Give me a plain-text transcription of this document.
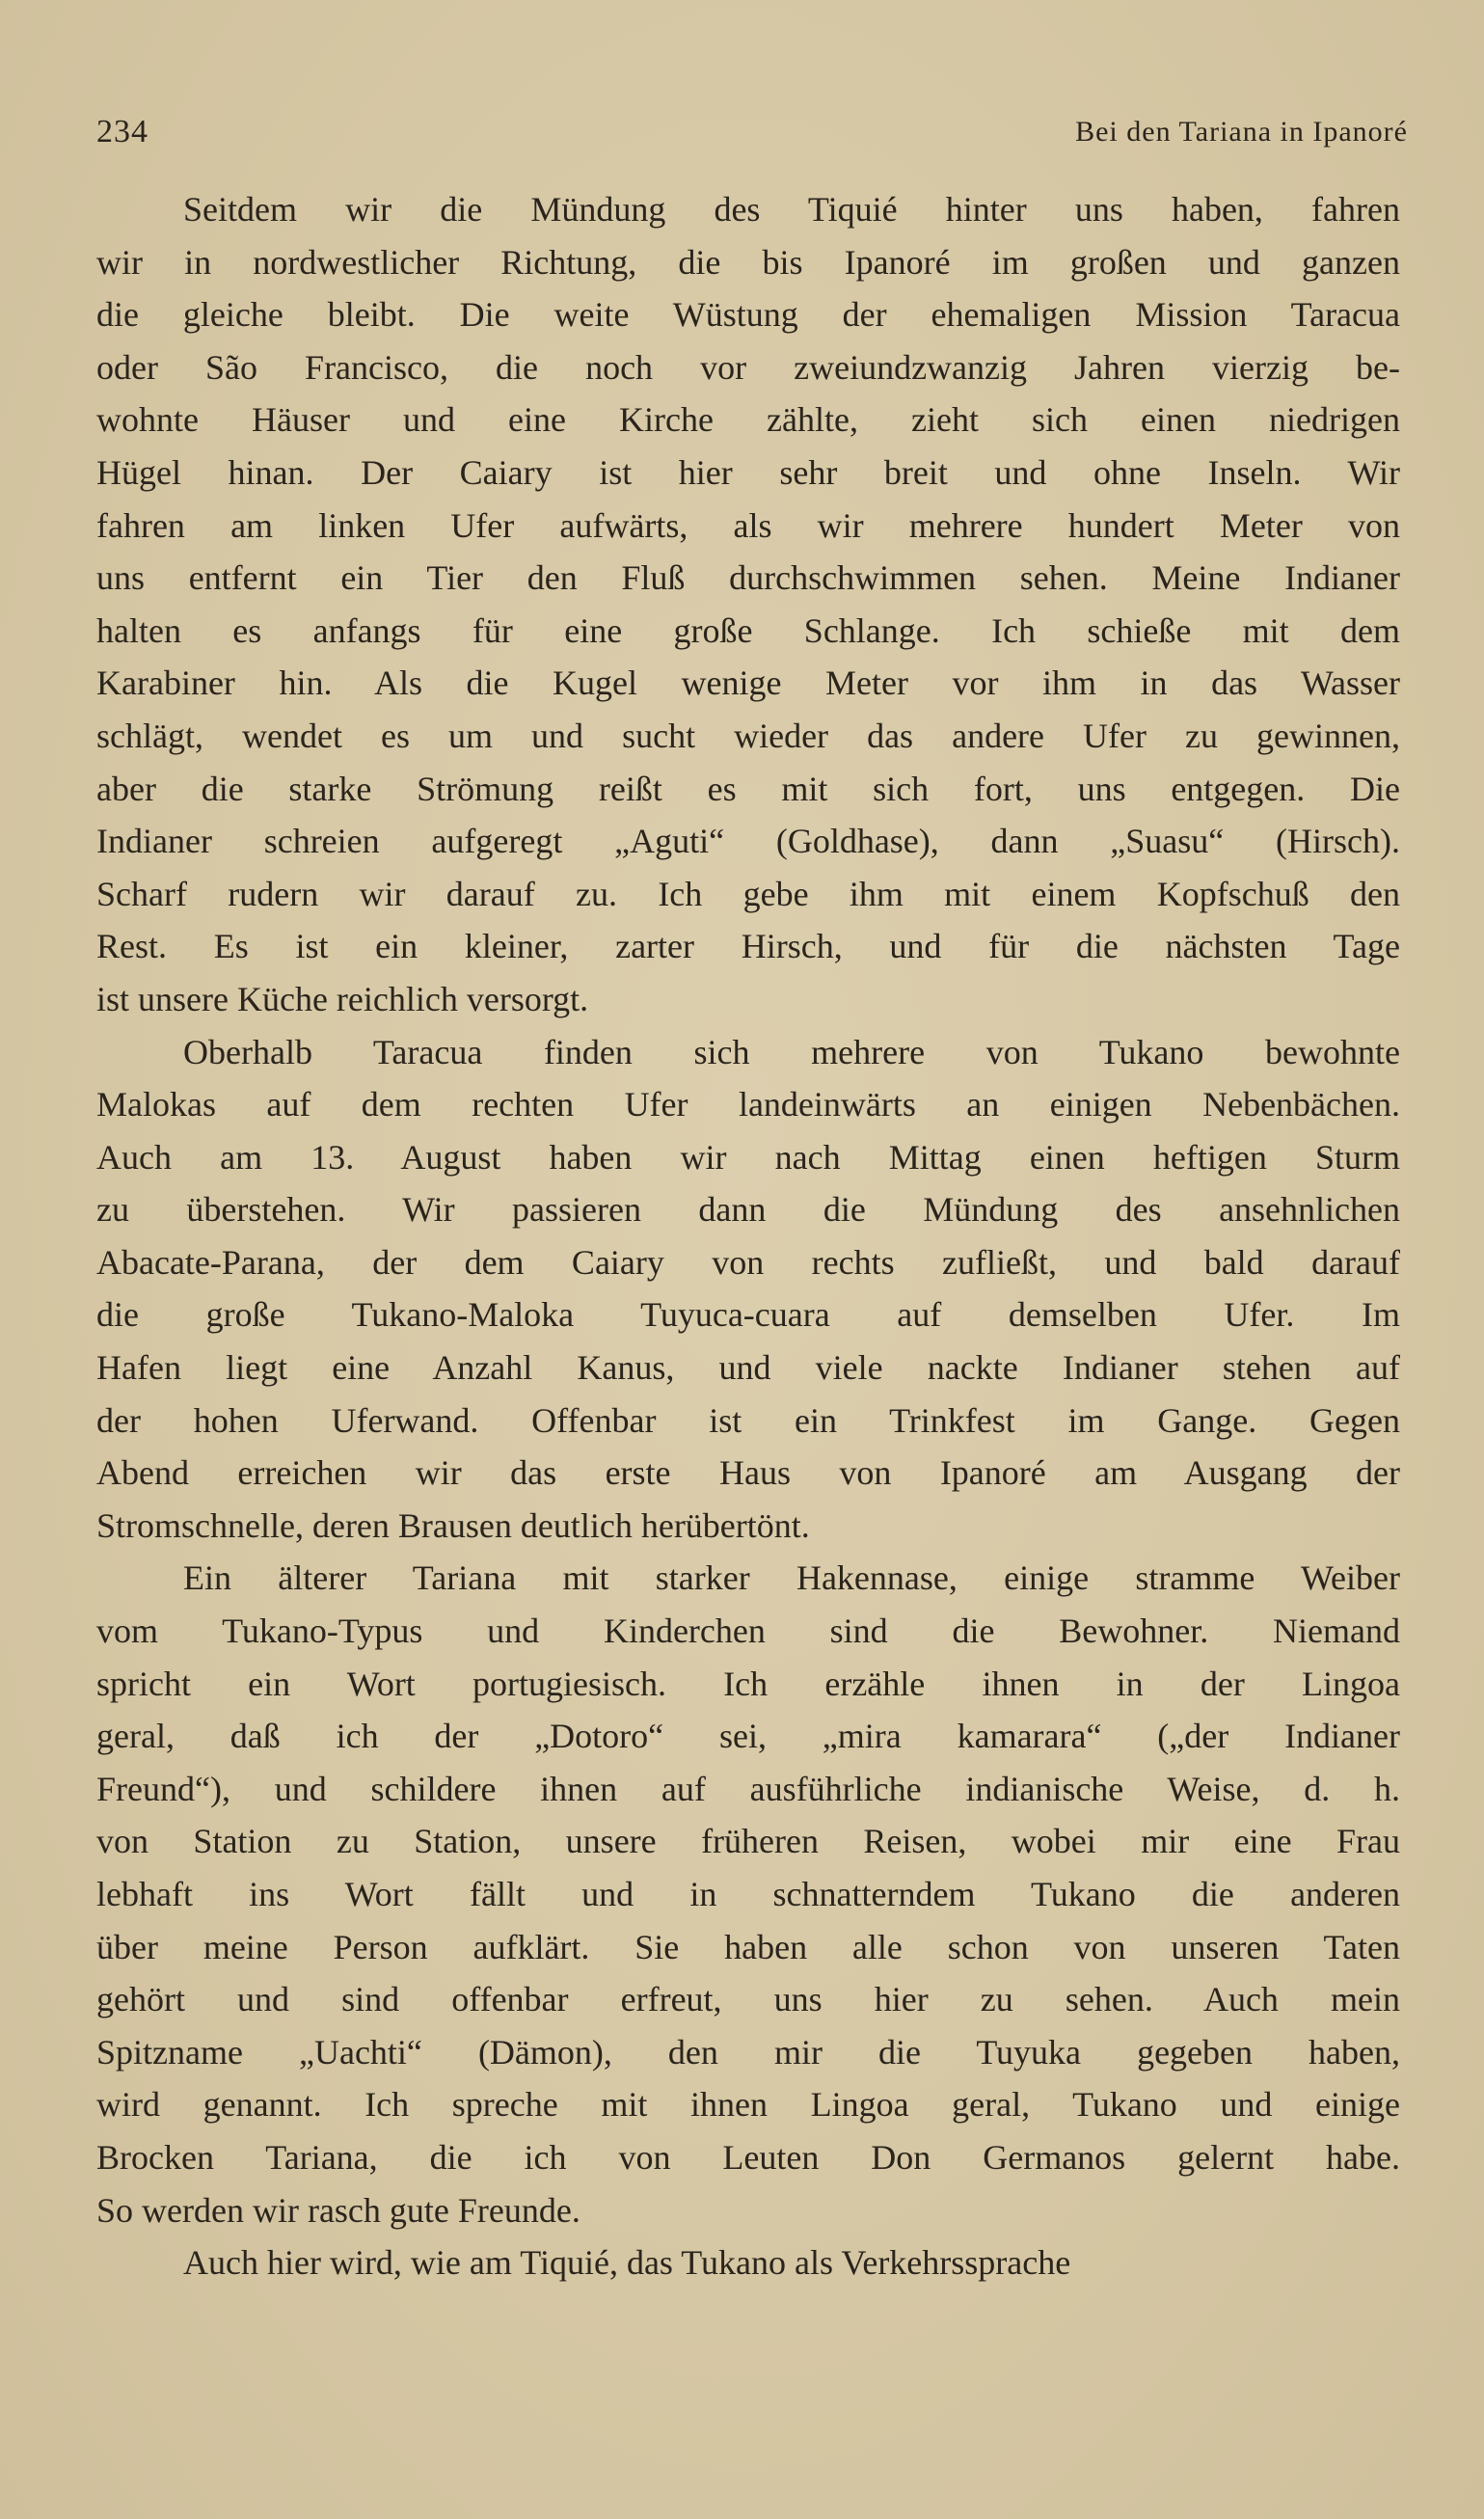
234	Bei den Tariana in Ipanoré
Seitdem wir die Mündung des Tiquié hinter uns haben, fahren
wir in nordwestlicher Richtung, die bis Ipanoré im großen und ganzen
die gleiche bleibt. Die weite Wüstung der ehemaligen Mission Taracua
oder São Francisco, die noch vor zweiundzwanzig Jahren vierzig be-
wohnte Häuser und eine Kirche zählte, zieht sich einen niedrigen
Hügel hinan. Der Caiary ist hier sehr breit und ohne Inseln. Wir
fahren am linken Ufer aufwärts, als wir mehrere hundert Meter von
uns entfernt ein Tier den Fluß durchschwimmen sehen. Meine Indianer
halten es anfangs für eine große Schlange. Ich schieße mit dem
Karabiner hin. Als die Kugel wenige Meter vor ihm in das Wasser
schlägt, wendet es um und sucht wieder das andere Ufer zu gewinnen,
aber die starke Strömung reißt es mit sich fort, uns entgegen. Die
Indianer schreien aufgeregt „Aguti“ (Goldhase), dann „Suasu“ (Hirsch).
Scharf rudern wir darauf zu. Ich gebe ihm mit einem Kopfschuß den
Rest. Es ist ein kleiner, zarter Hirsch, und für die nächsten Tage
ist unsere Küche reichlich versorgt.
Oberhalb Taracua finden sich mehrere von Tukano bewohnte
Malokas auf dem rechten Ufer landeinwärts an einigen Nebenbächen.
Auch am 13. August haben wir nach Mittag einen heftigen Sturm
zu überstehen. Wir passieren dann die Mündung des ansehnlichen
Abacate-Parana, der dem Caiary von rechts zufließt, und bald darauf
die große Tukano-Maloka Tuyuca-cuara auf demselben Ufer. Im
Hafen liegt eine Anzahl Kanus, und viele nackte Indianer stehen auf
der hohen Uferwand. Offenbar ist ein Trinkfest im Gange. Gegen
Abend erreichen wir das erste Haus von Ipanoré am Ausgang der
Stromschnelle, deren Brausen deutlich herübertönt.
Ein älterer Tariana mit starker Hakennase, einige stramme Weiber
vom Tukano-Typus und Kinderchen sind die Bewohner. Niemand
spricht ein Wort portugiesisch. Ich erzähle ihnen in der Lingoa
geral, daß ich der „Dotoro“ sei, „mira kamarara“ („der Indianer
Freund“), und schildere ihnen auf ausführliche indianische Weise, d. h.
von Station zu Station, unsere früheren Reisen, wobei mir eine Frau
lebhaft ins Wort fällt und in schnatterndem Tukano die anderen
über meine Person aufklärt. Sie haben alle schon von unseren Taten
gehört und sind offenbar erfreut, uns hier zu sehen. Auch mein
Spitzname „Uachti“ (Dämon), den mir die Tuyuka gegeben haben,
wird genannt. Ich spreche mit ihnen Lingoa geral, Tukano und einige
Brocken Tariana, die ich von Leuten Don Germanos gelernt habe.
So werden wir rasch gute Freunde.
Auch hier wird, wie am Tiquié, das Tukano als Verkehrssprache
